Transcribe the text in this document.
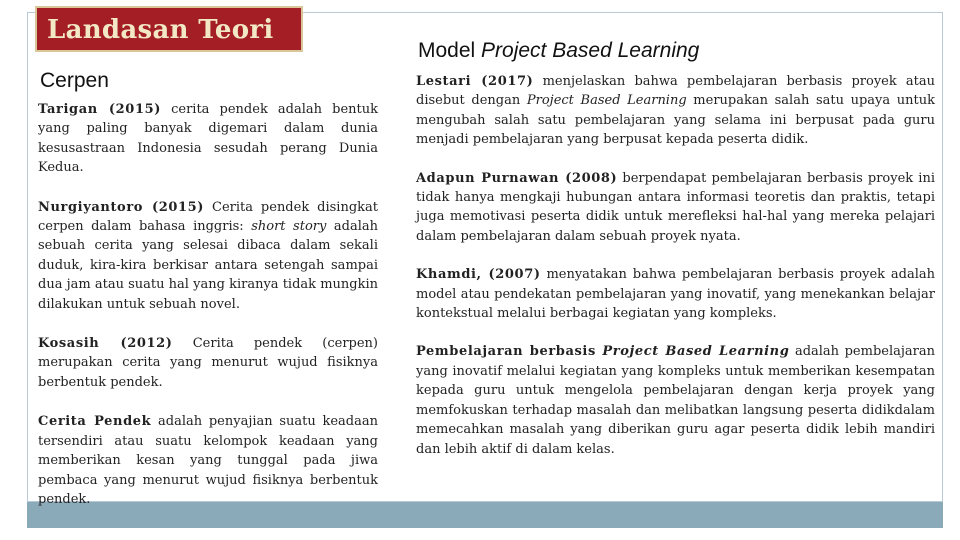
Landasan Teori
Cerpen
Model Project Based Learning

Tarigan (2015) cerita pendek adalah bentuk yang paling banyak digemari dalam dunia kesusastraan Indonesia sesudah perang Dunia Kedua.

Nurgiyantoro (2015) Cerita pendek disingkat cerpen dalam bahasa inggris: short story adalah sebuah cerita yang selesai dibaca dalam sekali duduk, kira-kira berkisar antara setengah sampai dua jam atau suatu hal yang kiranya tidak mungkin dilakukan untuk sebuah novel.

Kosasih (2012) Cerita pendek (cerpen) merupakan cerita yang menurut wujud fisiknya berbentuk pendek.

Cerita Pendek adalah penyajian suatu keadaan tersendiri atau suatu kelompok keadaan yang memberikan kesan yang tunggal pada jiwa pembaca yang menurut wujud fisiknya berbentuk pendek.

Lestari (2017) menjelaskan bahwa pembelajaran berbasis proyek atau disebut dengan Project Based Learning merupakan salah satu upaya untuk mengubah salah satu pembelajaran yang selama ini berpusat pada guru menjadi pembelajaran yang berpusat kepada peserta didik.

Adapun Purnawan (2008) berpendapat pembelajaran berbasis proyek ini tidak hanya mengkaji hubungan antara informasi teoretis dan praktis, tetapi juga memotivasi peserta didik untuk merefleksi hal-hal yang mereka pelajari dalam pembelajaran dalam sebuah proyek nyata.

Khamdi, (2007) menyatakan bahwa pembelajaran berbasis proyek adalah model atau pendekatan pembelajaran yang inovatif, yang menekankan belajar kontekstual melalui berbagai kegiatan yang kompleks.

Pembelajaran berbasis Project Based Learning adalah pembelajaran yang inovatif melalui kegiatan yang kompleks untuk memberikan kesempatan kepada guru untuk mengelola pembelajaran dengan kerja proyek yang memfokuskan terhadap masalah dan melibatkan langsung peserta didikdalam memecahkan masalah yang diberikan guru agar peserta didik lebih mandiri dan lebih aktif di dalam kelas.
